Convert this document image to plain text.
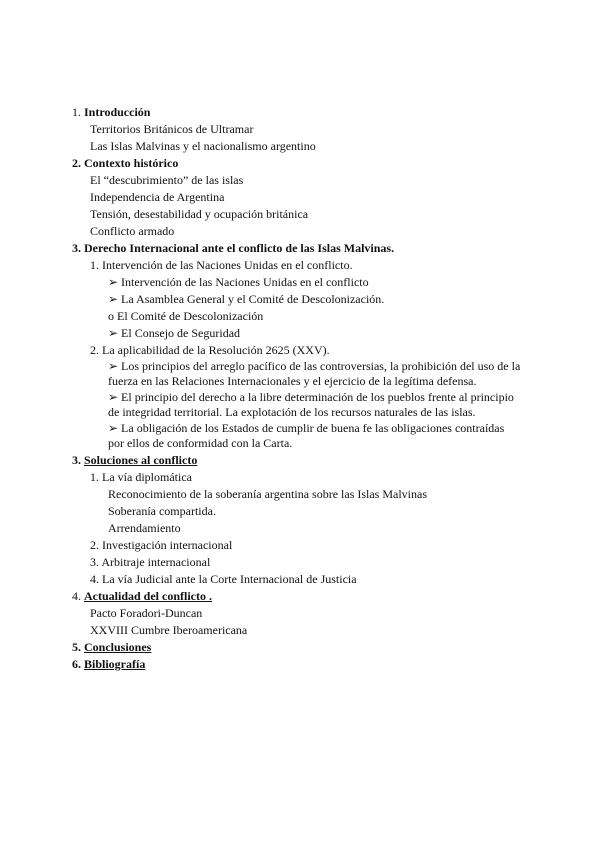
1. Introducción
Territorios Británicos de Ultramar
Las Islas Malvinas y el nacionalismo argentino
2. Contexto histórico
El “descubrimiento” de las islas
Independencia de Argentina
Tensión, desestabilidad y ocupación británica
Conflicto armado
3. Derecho Internacional ante el conflicto de las Islas Malvinas.
1. Intervención de las Naciones Unidas en el conflicto.
➢ Intervención de las Naciones Unidas en el conflicto
➢ La Asamblea General y el Comité de Descolonización.
o El Comité de Descolonización
➢ El Consejo de Seguridad
2. La aplicabilidad de la Resolución 2625 (XXV).
➢ Los principios del arreglo pacífico de las controversias, la prohibición del uso de la
fuerza en las Relaciones Internacionales y el ejercicio de la legítima defensa.
➢ El principio del derecho a la libre determinación de los pueblos frente al principio
de integridad territorial. La explotación de los recursos naturales de las islas.
➢ La obligación de los Estados de cumplir de buena fe las obligaciones contraídas
por ellos de conformidad con la Carta.
3. Soluciones al conflicto
1. La vía diplomática
Reconocimiento de la soberanía argentina sobre las Islas Malvinas
Soberanía compartida.
Arrendamiento
2. Investigación internacional
3. Arbitraje internacional
4. La vía Judicial ante la Corte Internacional de Justicia
4. Actualidad del conflicto .
Pacto Foradori-Duncan
XXVIII Cumbre Iberoamericana
5. Conclusiones
6. Bibliografía
